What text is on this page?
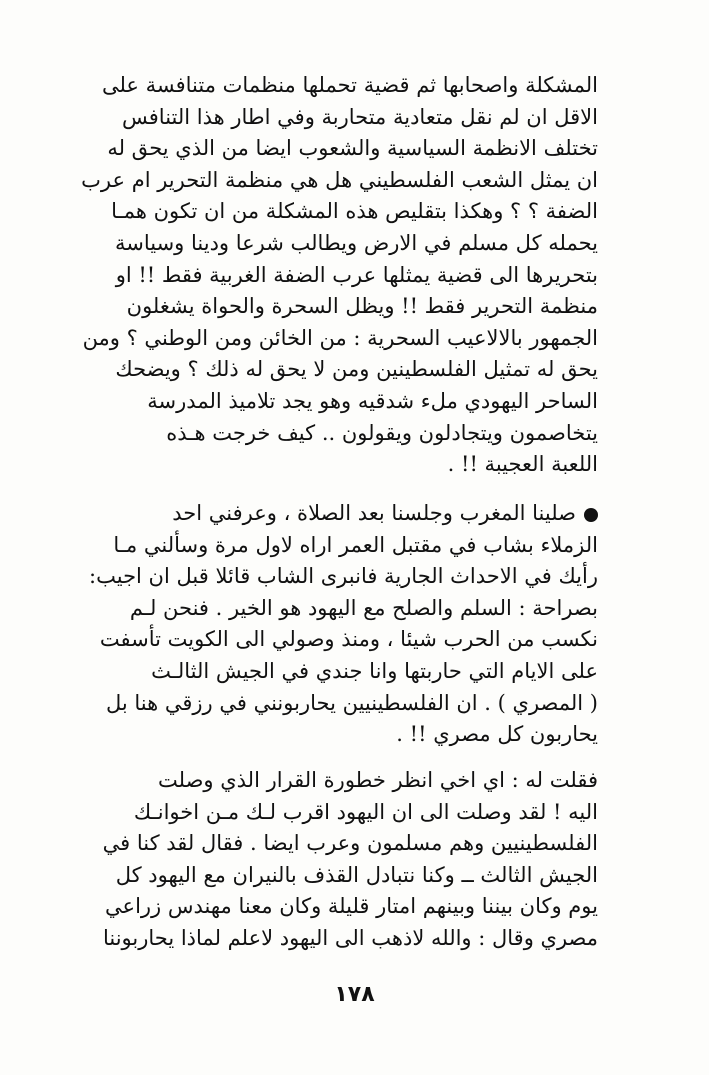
المشكلة واصحابها ثم قضية تحملها منظمات متنافسة على
الاقل ان لم نقل متعادية متحاربة وفي اطار هذا التنافس
تختلف الانظمة السياسية والشعوب ايضا من الذي يحق له
ان يمثل الشعب الفلسطيني هل هي منظمة التحرير ام عرب
الضفة ؟ ؟ وهكذا بتقليص هذه المشكلة من ان تكون همـا
يحمله كل مسلم في الارض ويطالب شرعا ودينا وسياسة
بتحريرها الى قضية يمثلها عرب الضفة الغربية فقط !! او
منظمة التحرير فقط !! ويظل السحرة والحواة يشغلون
الجمهور بالالاعيب السحرية : من الخائن ومن الوطني ؟ ومن
يحق له تمثيل الفلسطينين ومن لا يحق له ذلك ؟ ويضحك
الساحر اليهودي ملء شدقيه وهو يجد تلاميذ المدرسة
يتخاصمون ويتجادلون ويقولون .. كيف خرجت هـذه
اللعبة العجيبة !! .
صلينا المغرب وجلسنا بعد الصلاة ، وعرفني احد
الزملاء بشاب في مقتبل العمر اراه لاول مرة وسألني مـا
رأيك في الاحداث الجارية فانبرى الشاب قائلا قبل ان اجيب:
بصراحة : السلم والصلح مع اليهود هو الخير . فنحن لـم
نكسب من الحرب شيئا ، ومنذ وصولي الى الكويت تأسفت
على الايام التي حاربتها وانا جندي في الجيش الثالـث
( المصري ) . ان الفلسطينيين يحاربونني في رزقي هنا بل
يحاربون كل مصري !! .
فقلت له : اي اخي انظر خطورة القرار الذي وصلت
اليه ! لقد وصلت الى ان اليهود اقرب لـك مـن اخوانـك
الفلسطينيين وهم مسلمون وعرب ايضا . فقال لقد كنا في
الجيش الثالث ــ وكنا نتبادل القذف بالنيران مع اليهود كل
يوم وكان بيننا وبينهم امتار قليلة وكان معنا مهندس زراعي
مصري وقال : والله لاذهب الى اليهود لاعلم لماذا يحاربوننا
١٧٨
